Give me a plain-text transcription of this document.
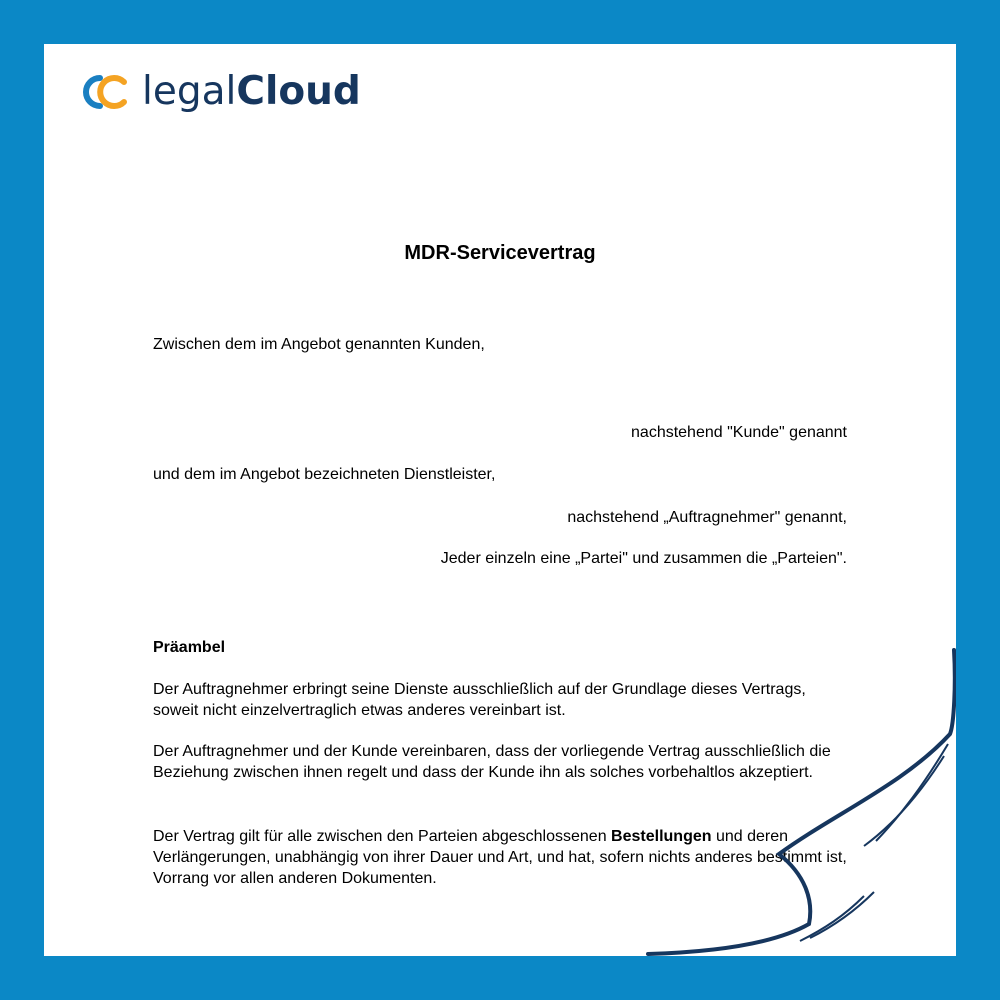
legalCloud
MDR-Servicevertrag
Zwischen dem im Angebot genannten Kunden,
nachstehend "Kunde" genannt
und dem im Angebot bezeichneten Dienstleister,
nachstehend „Auftragnehmer" genannt,
Jeder einzeln eine „Partei" und zusammen die „Parteien".
Präambel
Der Auftragnehmer erbringt seine Dienste ausschließlich auf der Grundlage dieses Vertrags, soweit nicht einzelvertraglich etwas anderes vereinbart ist.
Der Auftragnehmer und der Kunde vereinbaren, dass der vorliegende Vertrag ausschließlich die Beziehung zwischen ihnen regelt und dass der Kunde ihn als solches vorbehaltlos akzeptiert.
Der Vertrag gilt für alle zwischen den Parteien abgeschlossenen Bestellungen und deren Verlängerungen, unabhängig von ihrer Dauer und Art, und hat, sofern nichts anderes bestimmt ist, Vorrang vor allen anderen Dokumenten.
